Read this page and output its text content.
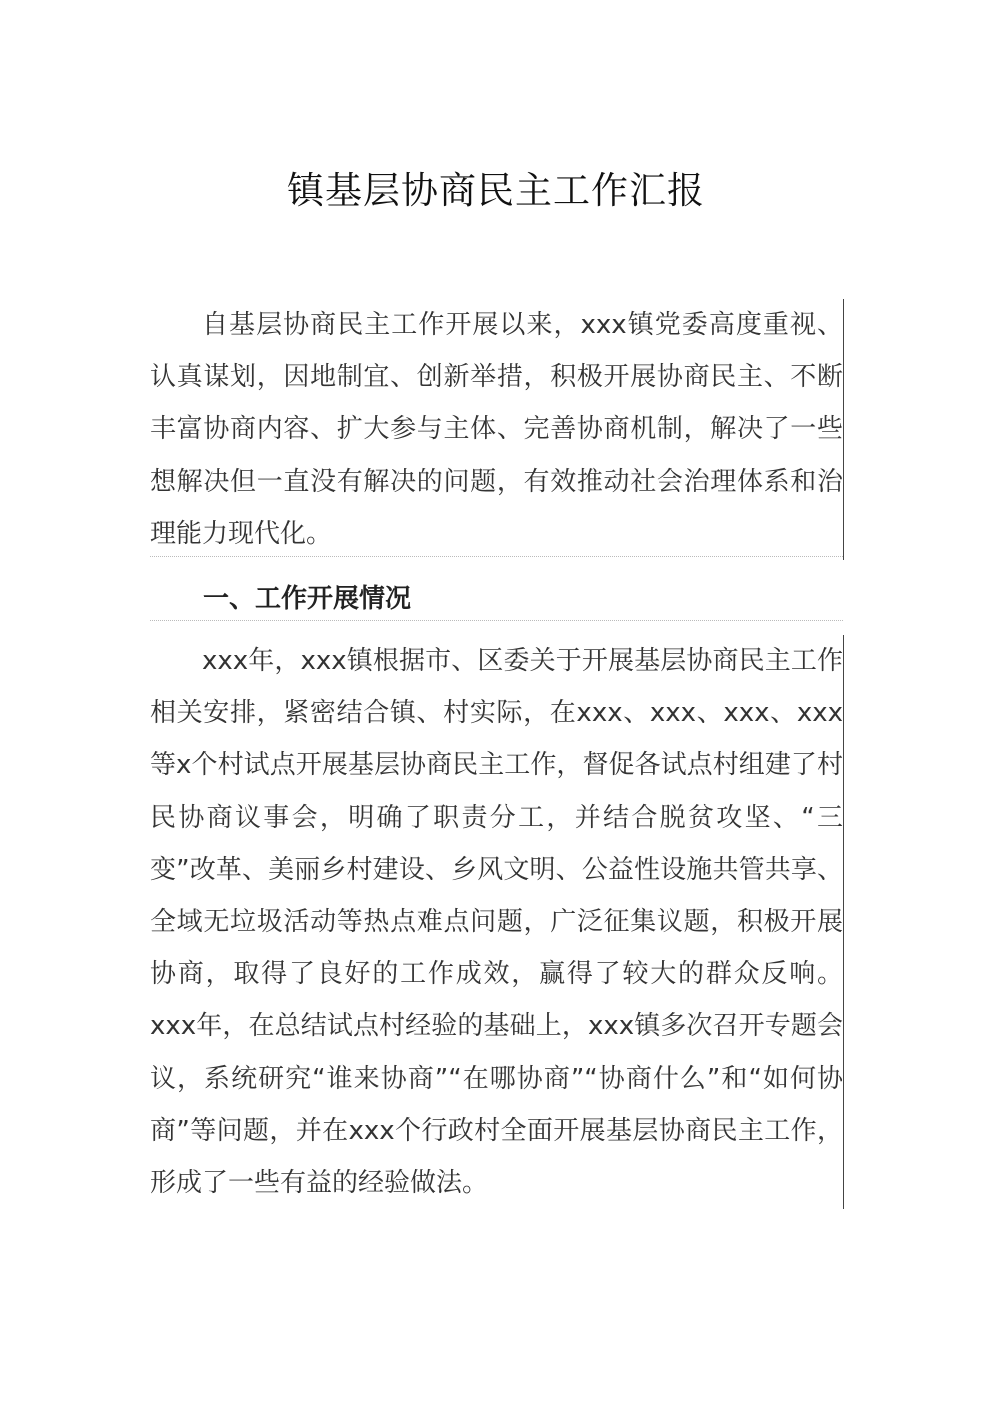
镇基层协商民主工作汇报

自基层协商民主工作开展以来，xxx镇党委高度重视、认真谋划，因地制宜、创新举措，积极开展协商民主、不断丰富协商内容、扩大参与主体、完善协商机制，解决了一些想解决但一直没有解决的问题，有效推动社会治理体系和治理能力现代化。

一、工作开展情况

xxx年，xxx镇根据市、区委关于开展基层协商民主工作相关安排，紧密结合镇、村实际，在xxx、xxx、xxx、xxx等x个村试点开展基层协商民主工作，督促各试点村组建了村民协商议事会，明确了职责分工，并结合脱贫攻坚、“三变”改革、美丽乡村建设、乡风文明、公益性设施共管共享、全域无垃圾活动等热点难点问题，广泛征集议题，积极开展协商，取得了良好的工作成效，赢得了较大的群众反响。xxx年，在总结试点村经验的基础上，xxx镇多次召开专题会议，系统研究“谁来协商”“在哪协商”“协商什么”和“如何协商”等问题，并在xxx个行政村全面开展基层协商民主工作，形成了一些有益的经验做法。
